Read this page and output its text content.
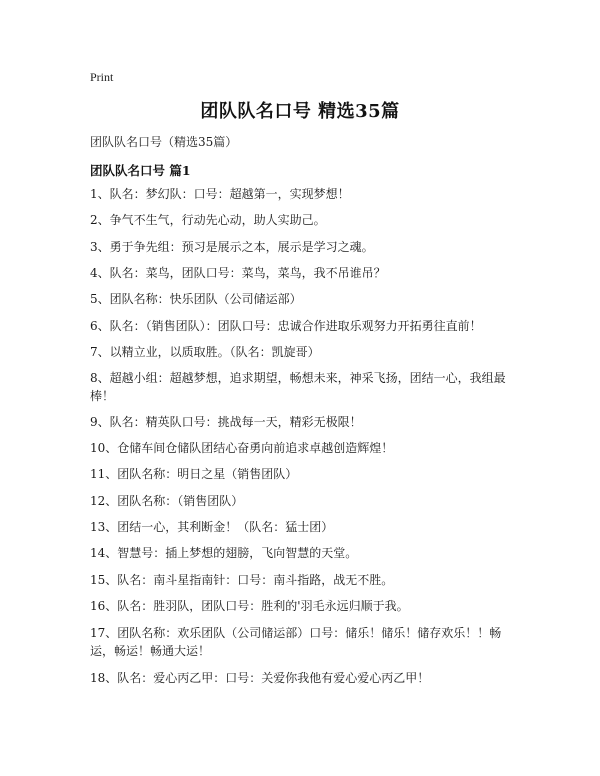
Print
团队队名口号 精选35篇
团队队名口号（精选35篇）
团队队名口号 篇1
1、队名：梦幻队：口号：超越第一，实现梦想！
2、争气不生气，行动先心动，助人实助己。
3、勇于争先组：预习是展示之本，展示是学习之魂。
4、队名：菜鸟，团队口号：菜鸟，菜鸟，我不吊谁吊？
5、团队名称：快乐团队（公司储运部）
6、队名：（销售团队）：团队口号：忠诚合作进取乐观努力开拓勇往直前！
7、以精立业，以质取胜。（队名：凯旋哥）
8、超越小组：超越梦想，追求期望，畅想未来，神采飞扬，团结一心，我组最棒！
9、队名：精英队口号：挑战每一天，精彩无极限！
10、仓储车间仓储队团结心奋勇向前追求卓越创造辉煌！
11、团队名称：明日之星（销售团队）
12、团队名称：（销售团队）
13、团结一心，其利断金！（队名：猛士团）
14、智慧号：插上梦想的翅膀，飞向智慧的天堂。
15、队名：南斗星指南针：口号：南斗指路，战无不胜。
16、队名：胜羽队，团队口号：胜利的'羽毛永远归顺于我。
17、团队名称：欢乐团队（公司储运部）口号：储乐！储乐！储存欢乐！！畅运，畅运！畅通大运！
18、队名：爱心丙乙甲：口号：关爱你我他有爱心爱心丙乙甲！
